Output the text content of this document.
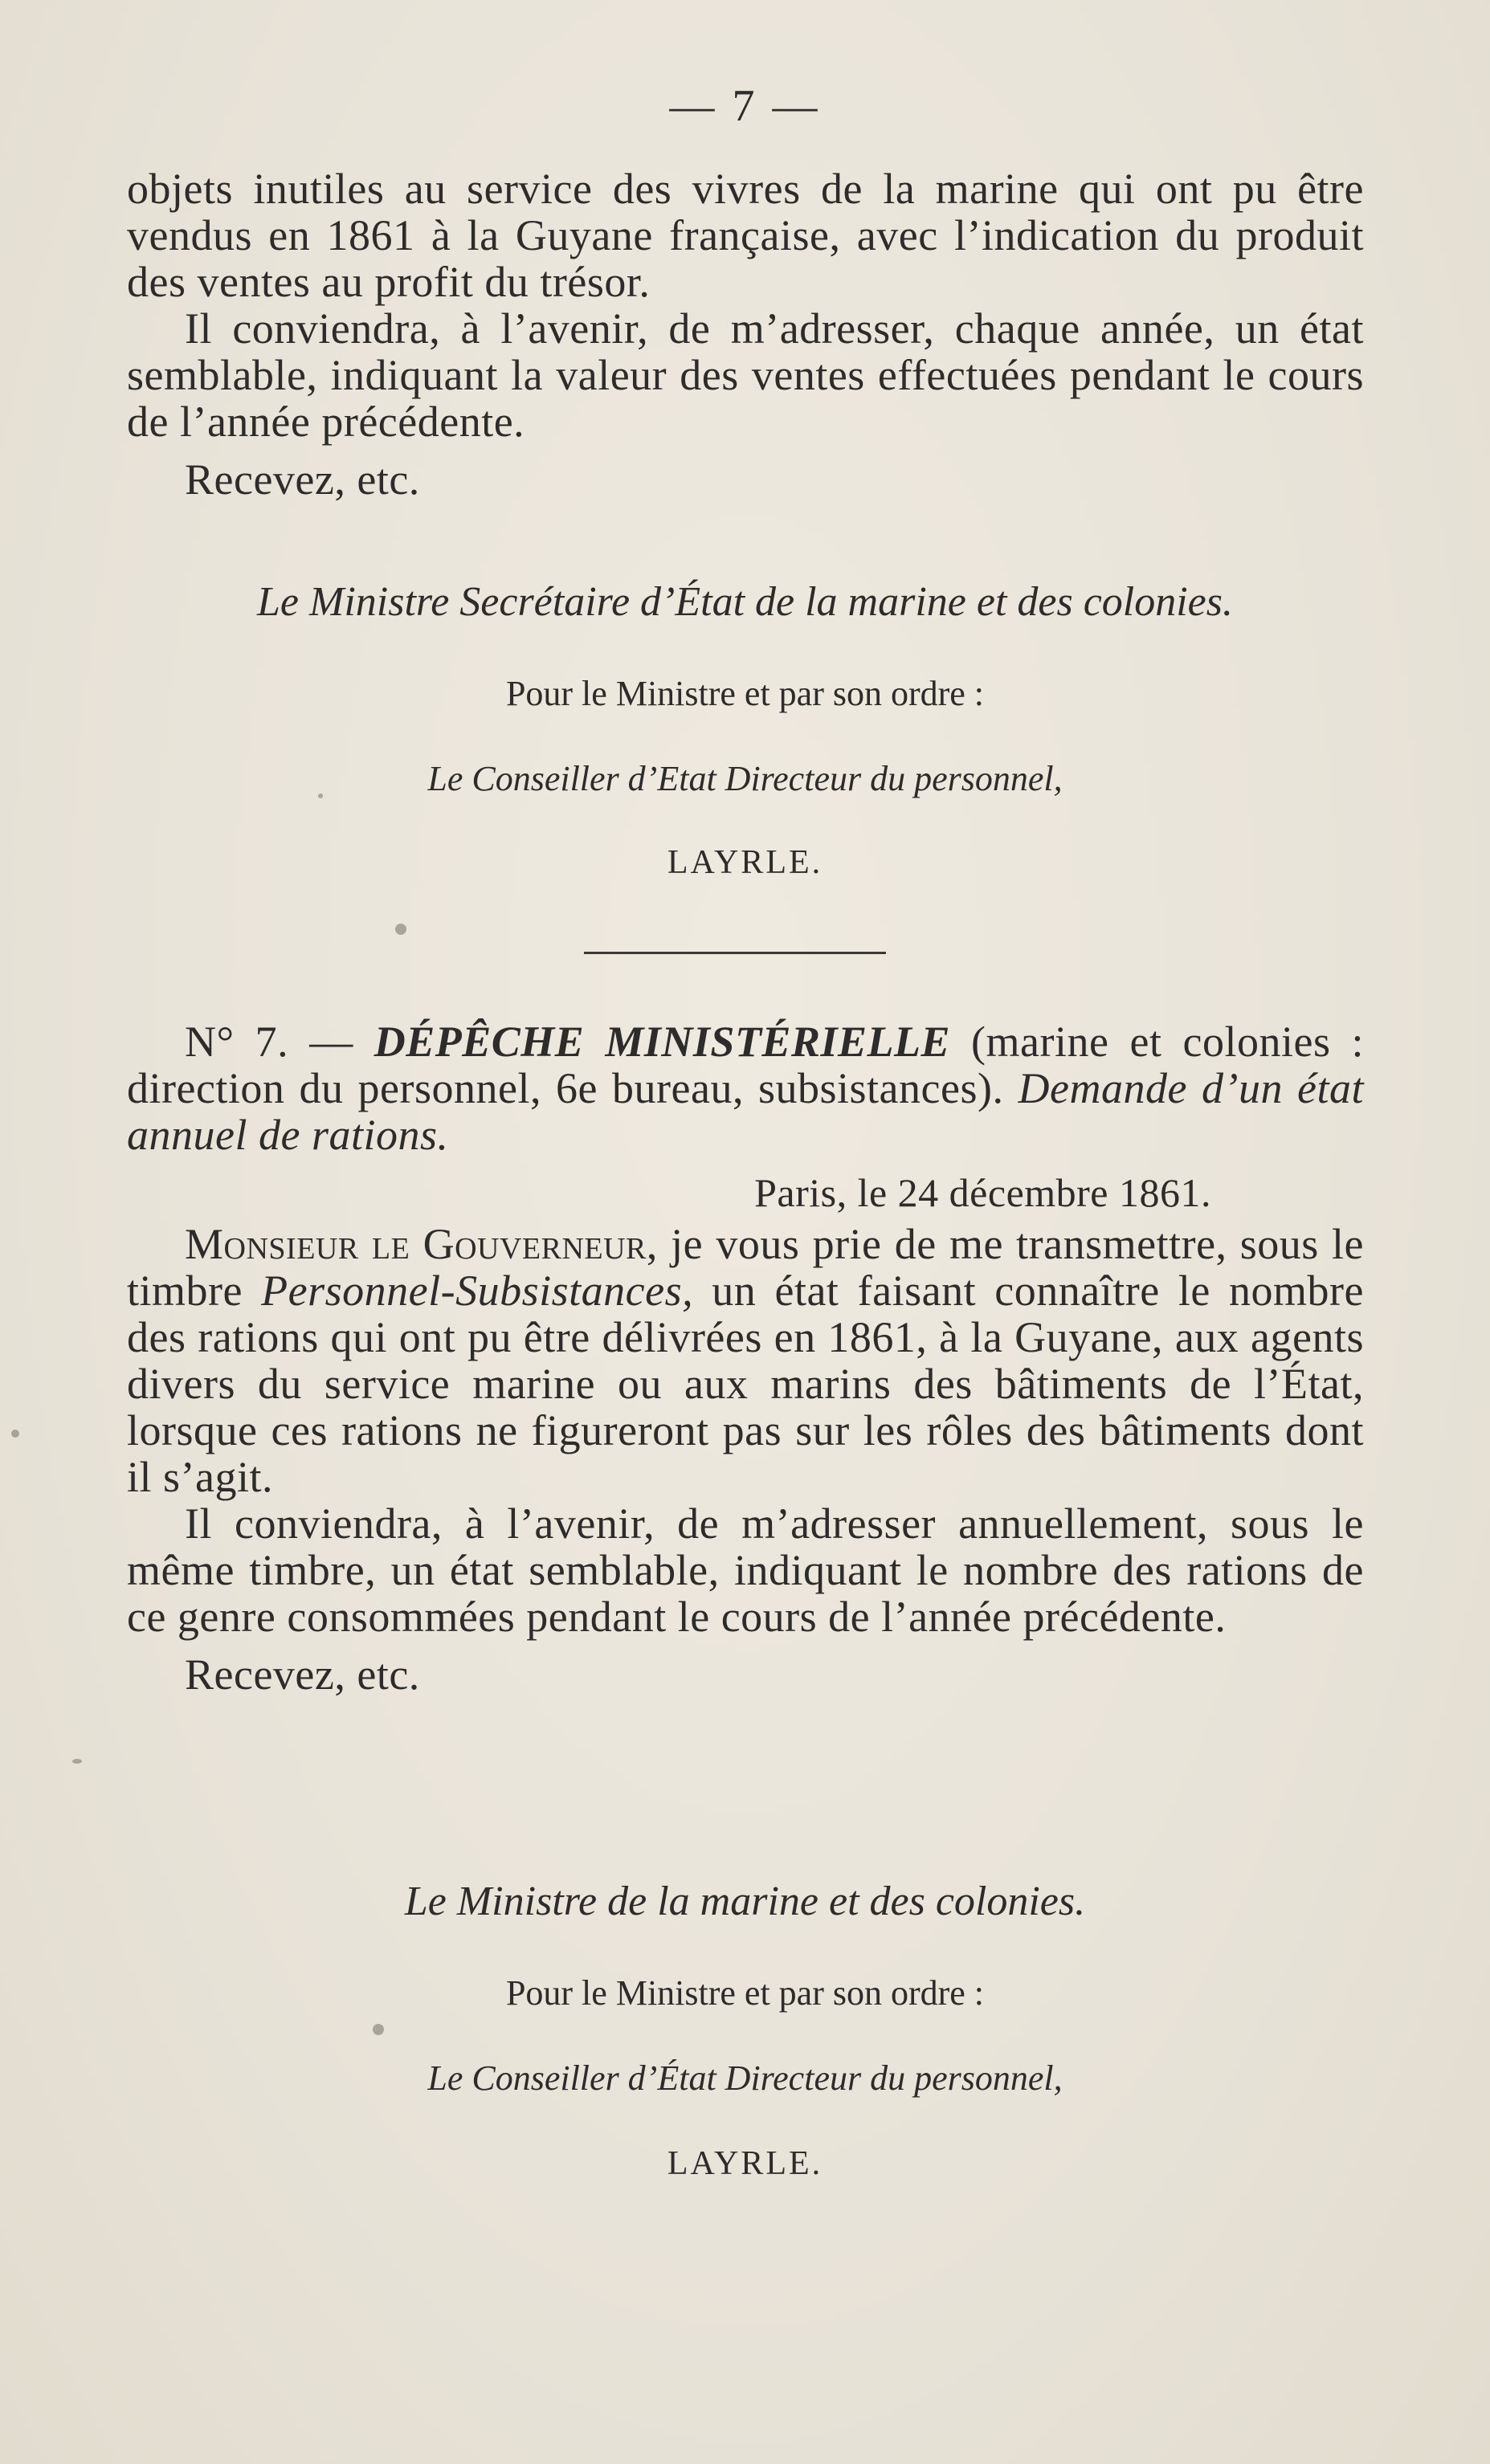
— 7 —

objets inutiles au service des vivres de la marine qui ont pu être vendus en 1861 à la Guyane française, avec l’indication du produit des ventes au profit du trésor.

Il conviendra, à l’avenir, de m’adresser, chaque année, un état semblable, indiquant la valeur des ventes effectuées pendant le cours de l’année précédente.

Recevez, etc.

Le Ministre Secrétaire d’État de la marine et des colonies.
Pour le Ministre et par son ordre :
Le Conseiller d’Etat Directeur du personnel,
LAYRLE.

N° 7. — DÉPÊCHE MINISTÉRIELLE (marine et colonies : direction du personnel, 6e bureau, subsistances). Demande d’un état annuel de rations.

Paris, le 24 décembre 1861.

Monsieur le Gouverneur, je vous prie de me transmettre, sous le timbre Personnel-Subsistances, un état faisant connaître le nombre des rations qui ont pu être délivrées en 1861, à la Guyane, aux agents divers du service marine ou aux marins des bâtiments de l’État, lorsque ces rations ne figureront pas sur les rôles des bâtiments dont il s’agit.

Il conviendra, à l’avenir, de m’adresser annuellement, sous le même timbre, un état semblable, indiquant le nombre des rations de ce genre consommées pendant le cours de l’année précédente.

Recevez, etc.

Le Ministre de la marine et des colonies.
Pour le Ministre et par son ordre :
Le Conseiller d’État Directeur du personnel,
LAYRLE.
